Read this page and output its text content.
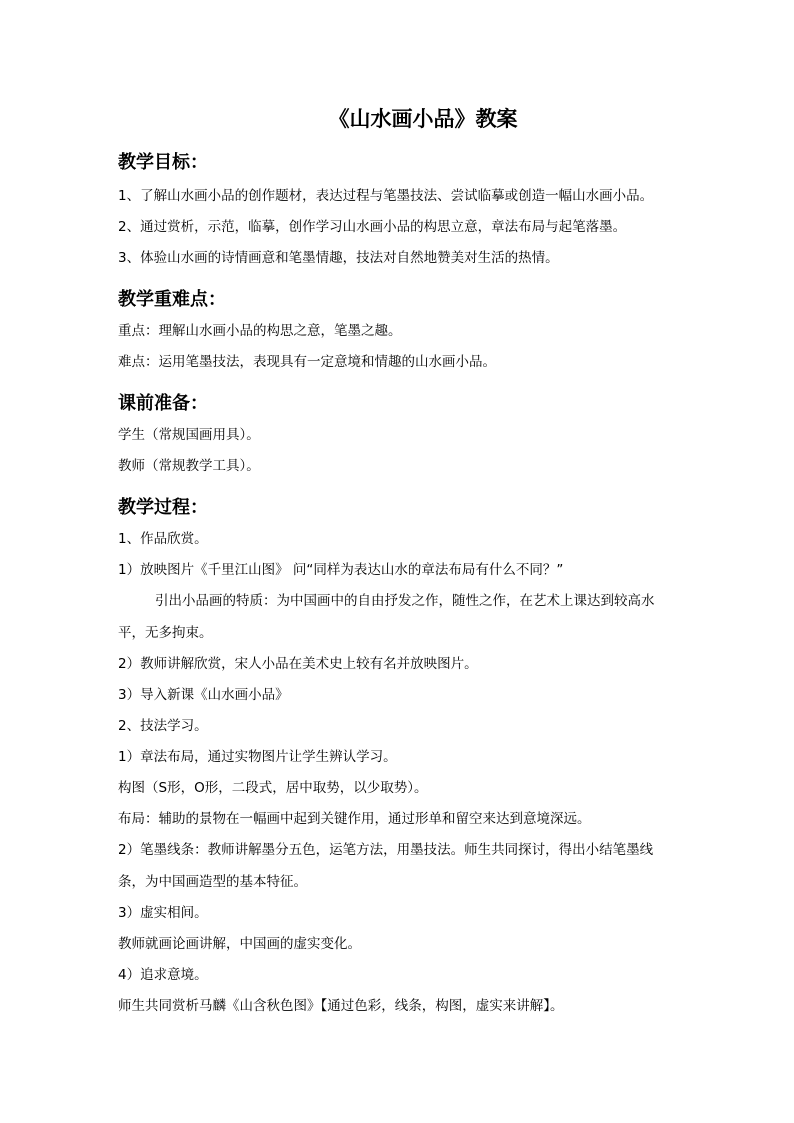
《山水画小品》教案
教学目标：
1、了解山水画小品的创作题材，表达过程与笔墨技法、尝试临摹或创造一幅山水画小品。
2、通过赏析，示范，临摹，创作学习山水画小品的构思立意，章法布局与起笔落墨。
3、体验山水画的诗情画意和笔墨情趣，技法对自然地赞美对生活的热情。
教学重难点：
重点：理解山水画小品的构思之意，笔墨之趣。
难点：运用笔墨技法，表现具有一定意境和情趣的山水画小品。
课前准备：
学生（常规国画用具）。
教师（常规教学工具）。
教学过程：
1、作品欣赏。
1）放映图片《千里江山图》 问“同样为表达山水的章法布局有什么不同？”
引出小品画的特质：为中国画中的自由抒发之作，随性之作，在艺术上课达到较高水
平，无多拘束。
2）教师讲解欣赏，宋人小品在美术史上较有名并放映图片。
3）导入新课《山水画小品》
2、技法学习。
1）章法布局，通过实物图片让学生辨认学习。
构图（S形，O形，二段式，居中取势，以少取势）。
布局：辅助的景物在一幅画中起到关键作用，通过形单和留空来达到意境深远。
2）笔墨线条：教师讲解墨分五色，运笔方法，用墨技法。师生共同探讨，得出小结笔墨线
条，为中国画造型的基本特征。
3）虚实相间。
教师就画论画讲解，中国画的虚实变化。
4）追求意境。
师生共同赏析马麟《山含秋色图》【通过色彩，线条，构图，虚实来讲解】。
